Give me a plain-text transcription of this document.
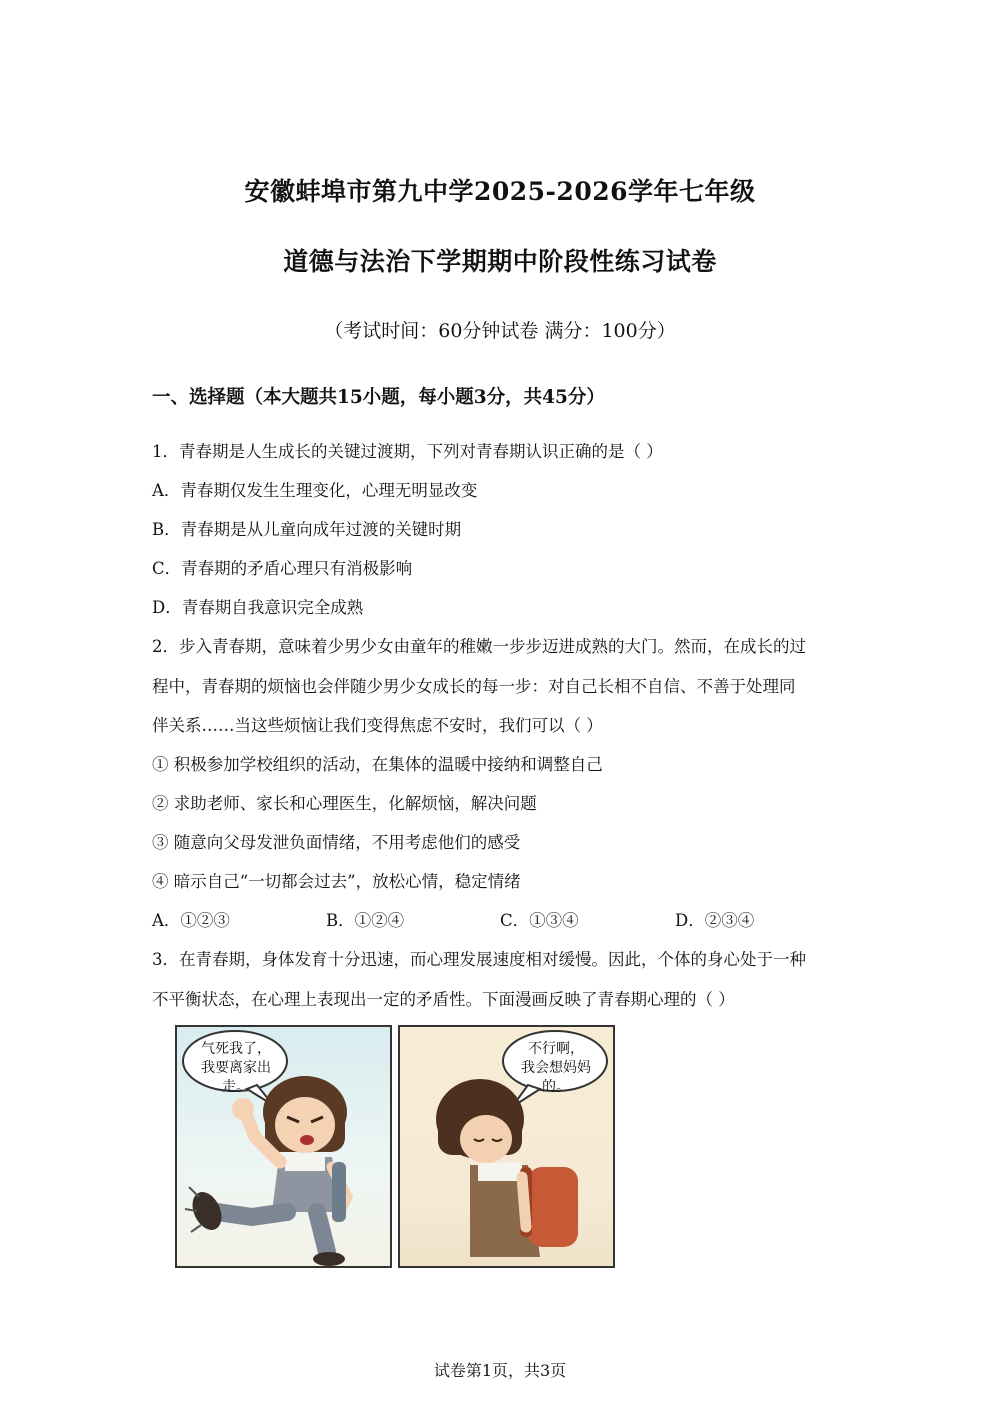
安徽蚌埠市第九中学2025-2026学年七年级
道德与法治下学期期中阶段性练习试卷
（考试时间：60分钟试卷 满分：100分）
一、选择题（本大题共15小题，每小题3分，共45分）
1．青春期是人生成长的关键过渡期，下列对青春期认识正确的是（ ）
A．青春期仅发生生理变化，心理无明显改变
B．青春期是从儿童向成年过渡的关键时期
C．青春期的矛盾心理只有消极影响
D．青春期自我意识完全成熟
2．步入青春期，意味着少男少女由童年的稚嫩一步步迈进成熟的大门。然而，在成长的过
程中，青春期的烦恼也会伴随少男少女成长的每一步：对自己长相不自信、不善于处理同
伴关系……当这些烦恼让我们变得焦虑不安时，我们可以（ ）
① 积极参加学校组织的活动，在集体的温暖中接纳和调整自己
② 求助老师、家长和心理医生，化解烦恼，解决问题
③ 随意向父母发泄负面情绪，不用考虑他们的感受
④ 暗示自己“一切都会过去”，放松心情，稳定情绪
A．①②③	B．①②④	C．①③④	D．②③④
3．在青春期，身体发育十分迅速，而心理发展速度相对缓慢。因此，个体的身心处于一种
不平衡状态，在心理上表现出一定的矛盾性。下面漫画反映了青春期心理的（ ）
气死我了，
我要离家出走。
不行啊，
我会想妈妈的。
试卷第1页，共3页
